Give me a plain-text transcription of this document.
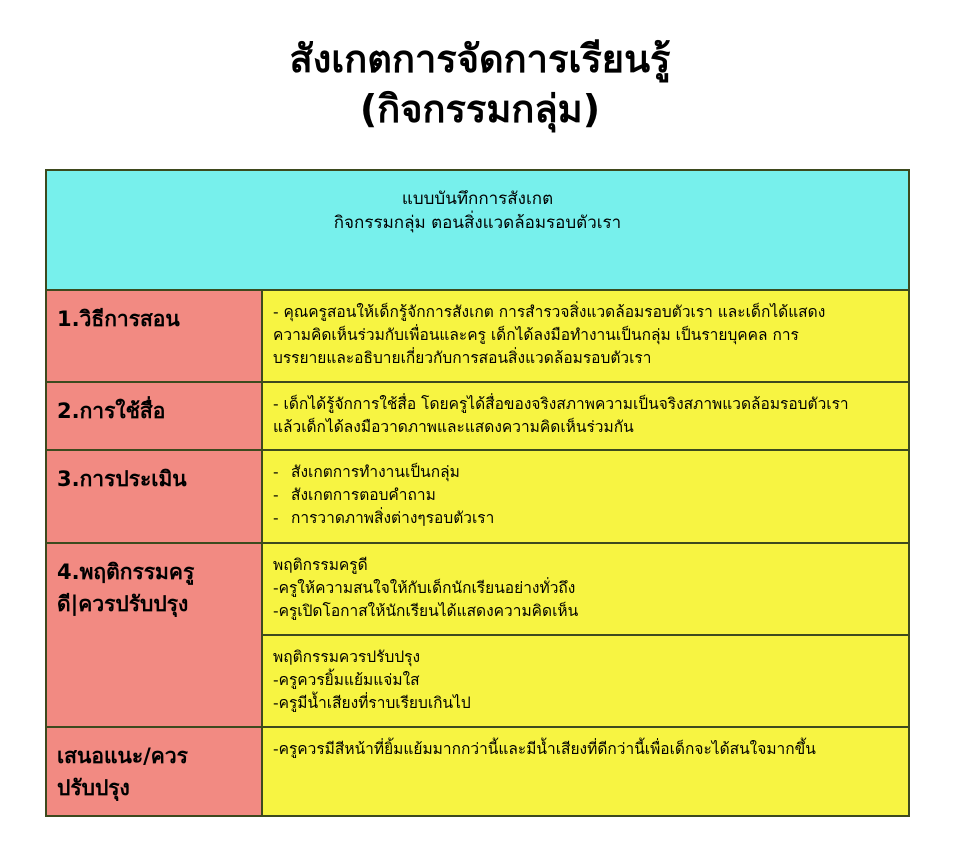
สังเกตการจัดการเรียนรู้
(กิจกรรมกลุ่ม)
แบบบันทึกการสังเกต
กิจกรรมกลุ่ม ตอนสิ่งแวดล้อมรอบตัวเรา	

1.วิธีการสอน	- คุณครูสอนให้เด็กรู้จักการสังเกต การสำรวจสิ่งแวดล้อมรอบตัวเรา และเด็กได้แสดง
ความคิดเห็นร่วมกับเพื่อนและครู เด็กได้ลงมือทำงานเป็นกลุ่ม เป็นรายบุคคล การ
บรรยายและอธิบายเกี่ยวกับการสอนสิ่งแวดล้อมรอบตัวเรา

2.การใช้สื่อ	- เด็กได้รู้จักการใช้สื่อ โดยครูได้สื่อของจริงสภาพความเป็นจริงสภาพแวดล้อมรอบตัวเรา
แล้วเด็กได้ลงมือวาดภาพและแสดงความคิดเห็นร่วมกัน

3.การประเมิน	- สังเกตการทำงานเป็นกลุ่ม
- สังเกตการตอบคำถาม
- การวาดภาพสิ่งต่างๆรอบตัวเรา

4.พฤติกรรมครู
ดี|ควรปรับปรุง	พฤติกรรมครูดี
-ครูให้ความสนใจให้กับเด็กนักเรียนอย่างทั่วถึง
-ครูเปิดโอกาสให้นักเรียนได้แสดงความคิดเห็น

	พฤติกรรมควรปรับปรุง
-ครูควรยิ้มแย้มแจ่มใส
-ครูมีน้ำเสียงที่ราบเรียบเกินไป

เสนอแนะ/ควร
ปรับปรุง	-ครูควรมีสีหน้าที่ยิ้มแย้มมากกว่านี้และมีน้ำเสียงที่ดีกว่านี้เพื่อเด็กจะได้สนใจมากขึ้น
